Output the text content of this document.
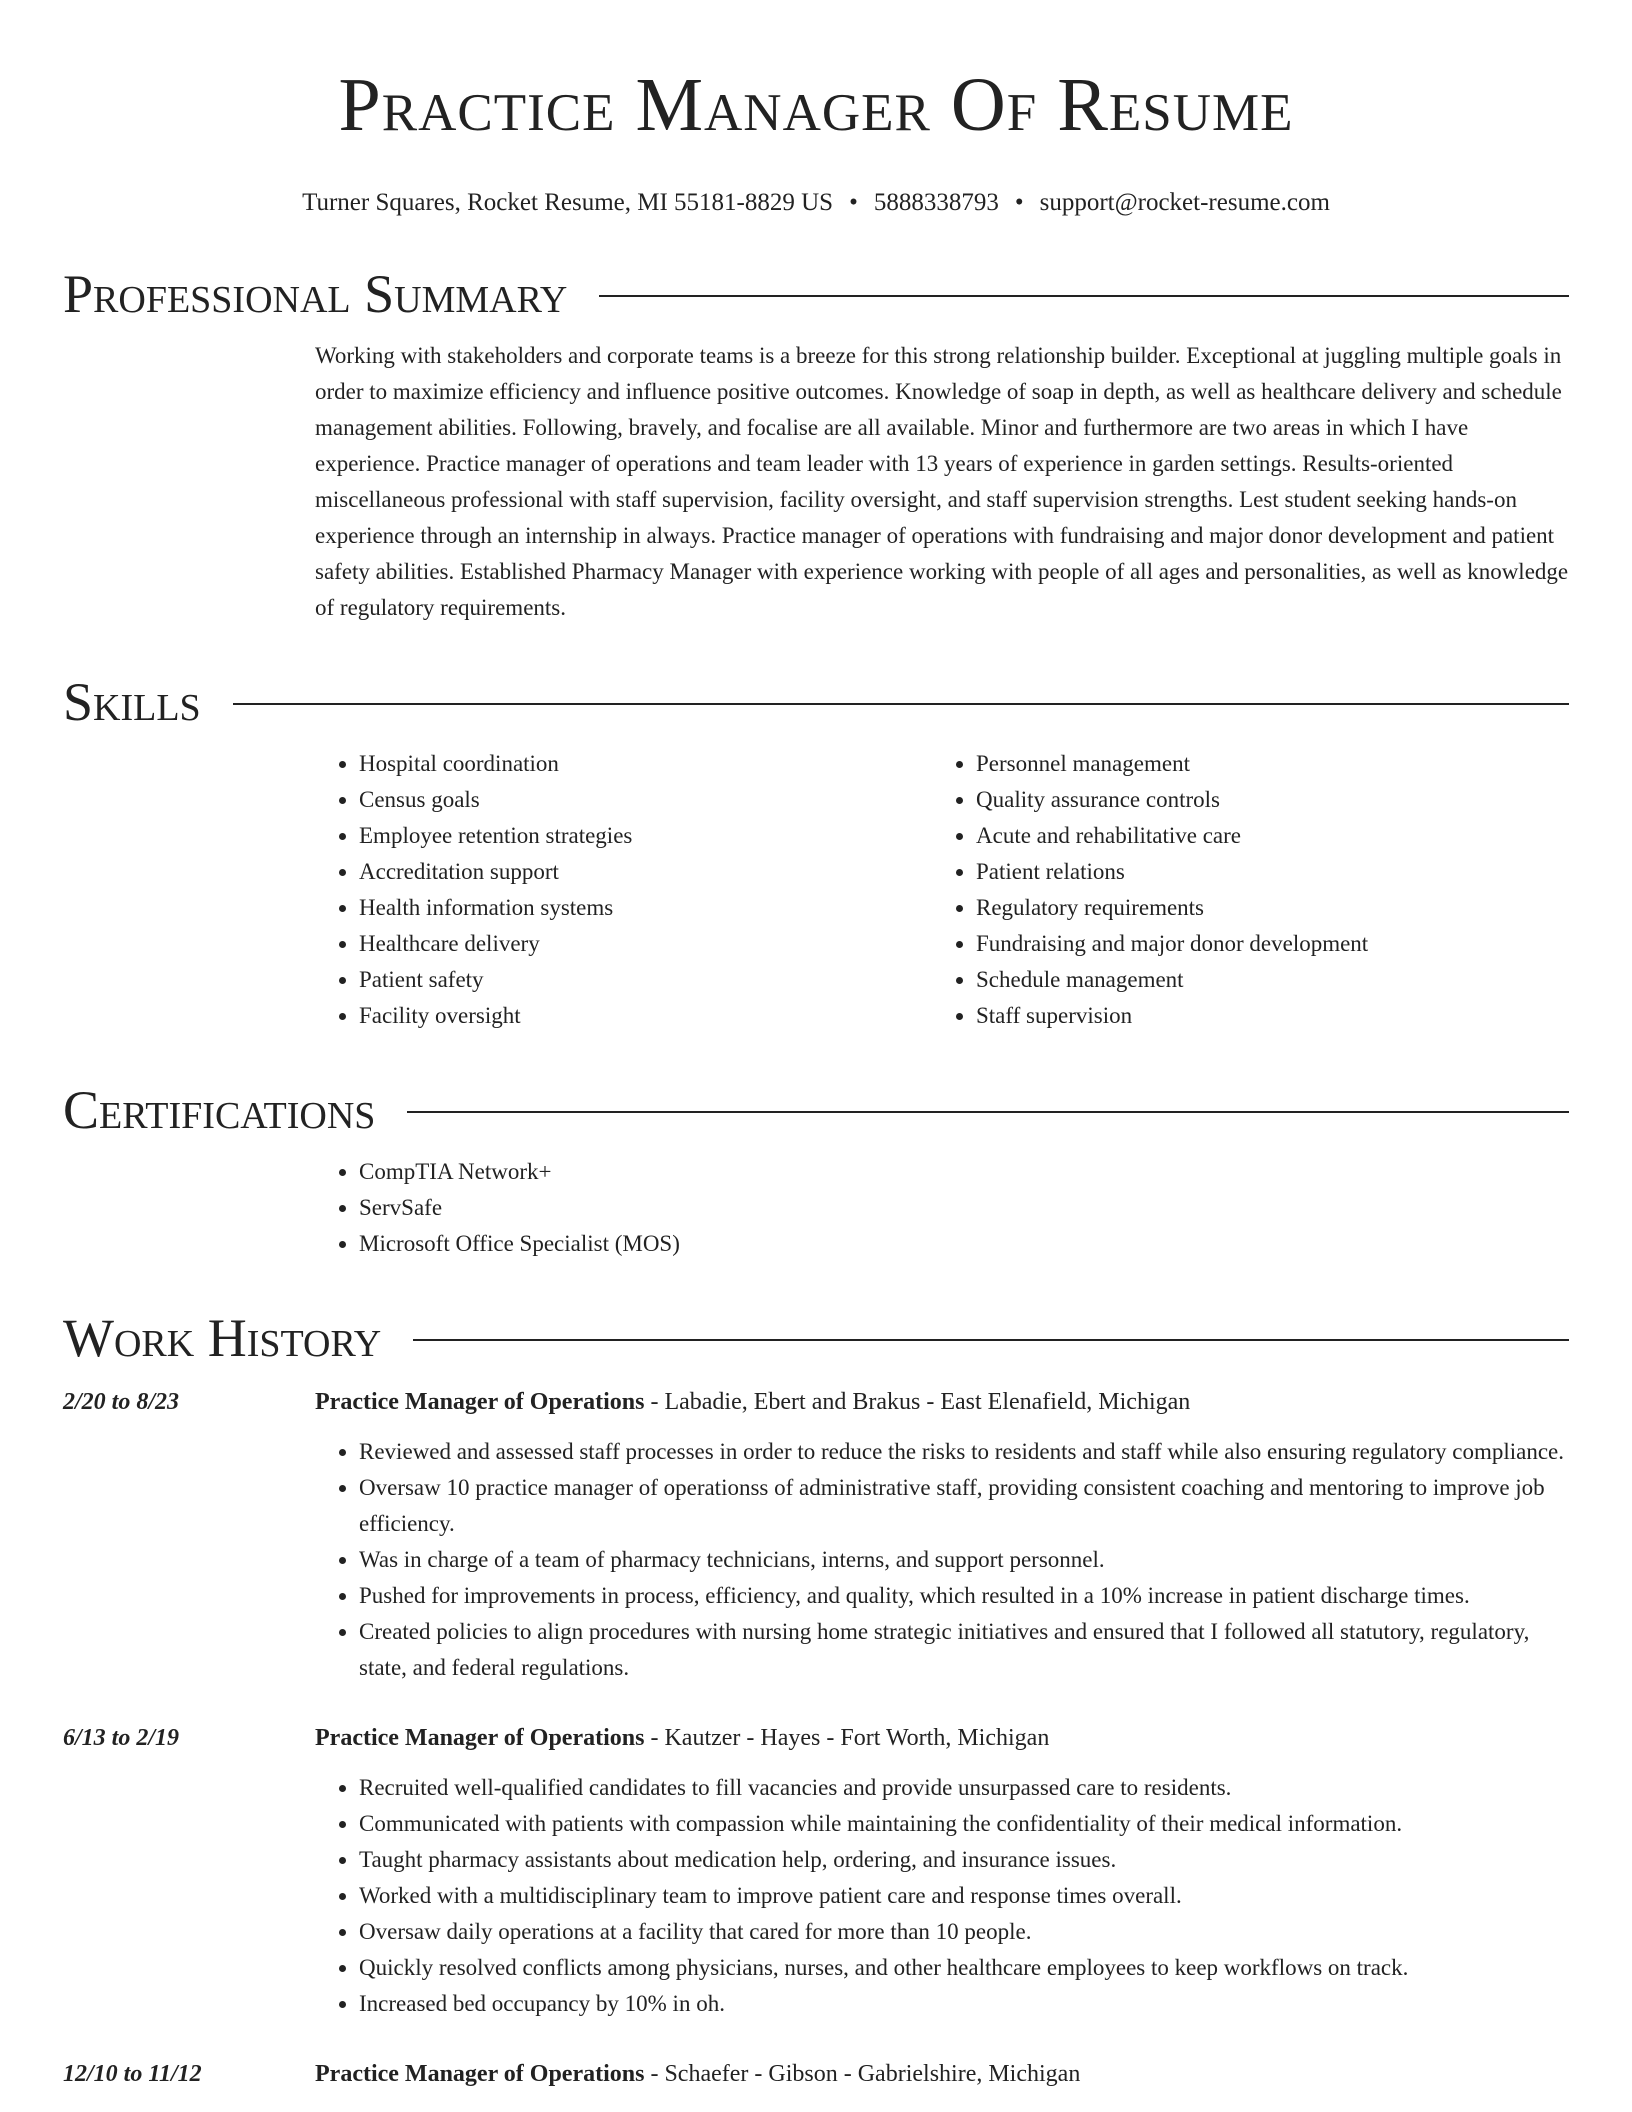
Practice Manager Of Resume
Turner Squares, Rocket Resume, MI 55181-8829 US • 5888338793 • support@rocket-resume.com
Professional Summary
Working with stakeholders and corporate teams is a breeze for this strong relationship builder. Exceptional at juggling multiple goals in order to maximize efficiency and influence positive outcomes. Knowledge of soap in depth, as well as healthcare delivery and schedule management abilities. Following, bravely, and focalise are all available. Minor and furthermore are two areas in which I have experience. Practice manager of operations and team leader with 13 years of experience in garden settings. Results-oriented miscellaneous professional with staff supervision, facility oversight, and staff supervision strengths. Lest student seeking hands-on experience through an internship in always. Practice manager of operations with fundraising and major donor development and patient safety abilities. Established Pharmacy Manager with experience working with people of all ages and personalities, as well as knowledge of regulatory requirements.
Skills
• Hospital coordination
• Census goals
• Employee retention strategies
• Accreditation support
• Health information systems
• Healthcare delivery
• Patient safety
• Facility oversight
• Personnel management
• Quality assurance controls
• Acute and rehabilitative care
• Patient relations
• Regulatory requirements
• Fundraising and major donor development
• Schedule management
• Staff supervision
Certifications
• CompTIA Network+
• ServSafe
• Microsoft Office Specialist (MOS)
Work History
2/20 to 8/23	Practice Manager of Operations - Labadie, Ebert and Brakus - East Elenafield, Michigan
• Reviewed and assessed staff processes in order to reduce the risks to residents and staff while also ensuring regulatory compliance.
• Oversaw 10 practice manager of operationss of administrative staff, providing consistent coaching and mentoring to improve job efficiency.
• Was in charge of a team of pharmacy technicians, interns, and support personnel.
• Pushed for improvements in process, efficiency, and quality, which resulted in a 10% increase in patient discharge times.
• Created policies to align procedures with nursing home strategic initiatives and ensured that I followed all statutory, regulatory, state, and federal regulations.
6/13 to 2/19	Practice Manager of Operations - Kautzer - Hayes - Fort Worth, Michigan
• Recruited well-qualified candidates to fill vacancies and provide unsurpassed care to residents.
• Communicated with patients with compassion while maintaining the confidentiality of their medical information.
• Taught pharmacy assistants about medication help, ordering, and insurance issues.
• Worked with a multidisciplinary team to improve patient care and response times overall.
• Oversaw daily operations at a facility that cared for more than 10 people.
• Quickly resolved conflicts among physicians, nurses, and other healthcare employees to keep workflows on track.
• Increased bed occupancy by 10% in oh.
12/10 to 11/12	Practice Manager of Operations - Schaefer - Gibson - Gabrielshire, Michigan
